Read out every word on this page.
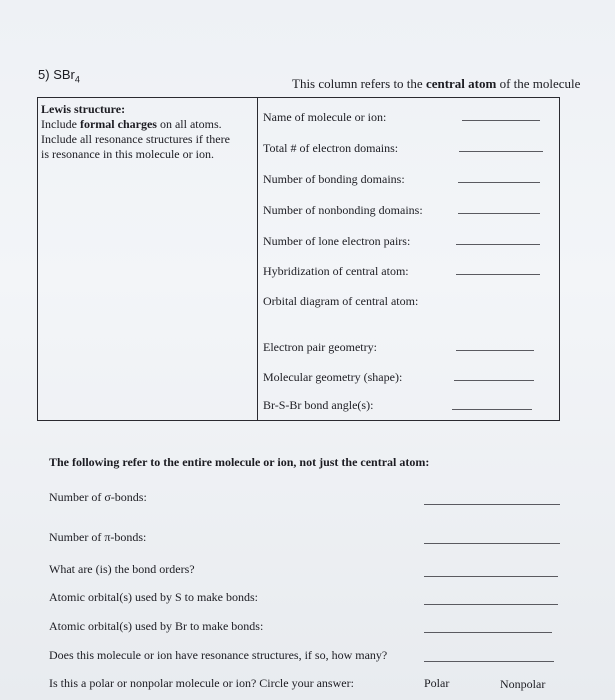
5) SBr$_4$	This column refers to the central atom of the molecule
Lewis structure:
Include formal charges on all atoms.
Include all resonance structures if there
is resonance in this molecule or ion.
Name of molecule or ion:
Total # of electron domains:
Number of bonding domains:
Number of nonbonding domains:
Number of lone electron pairs:
Hybridization of central atom:
Orbital diagram of central atom:
Electron pair geometry:
Molecular geometry (shape):
Br-S-Br bond angle(s):
The following refer to the entire molecule or ion, not just the central atom:
Number of σ-bonds:
Number of π-bonds:
What are (is) the bond orders?
Atomic orbital(s) used by S to make bonds:
Atomic orbital(s) used by Br to make bonds:
Does this molecule or ion have resonance structures, if so, how many?
Is this a polar or nonpolar molecule or ion? Circle your answer:	Polar	Nonpolar
